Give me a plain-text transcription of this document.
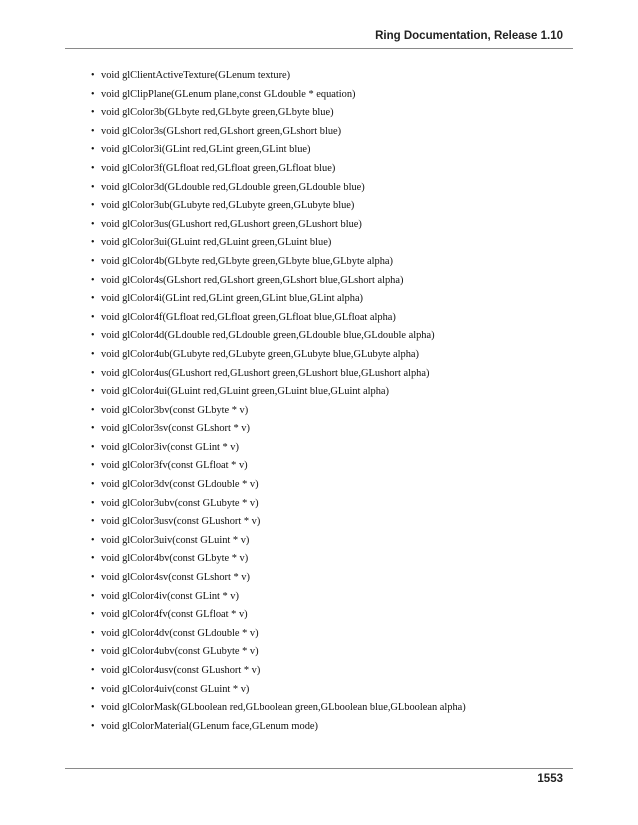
Ring Documentation, Release 1.10
• void glClientActiveTexture(GLenum texture)
• void glClipPlane(GLenum plane,const GLdouble * equation)
• void glColor3b(GLbyte red,GLbyte green,GLbyte blue)
• void glColor3s(GLshort red,GLshort green,GLshort blue)
• void glColor3i(GLint red,GLint green,GLint blue)
• void glColor3f(GLfloat red,GLfloat green,GLfloat blue)
• void glColor3d(GLdouble red,GLdouble green,GLdouble blue)
• void glColor3ub(GLubyte red,GLubyte green,GLubyte blue)
• void glColor3us(GLushort red,GLushort green,GLushort blue)
• void glColor3ui(GLuint red,GLuint green,GLuint blue)
• void glColor4b(GLbyte red,GLbyte green,GLbyte blue,GLbyte alpha)
• void glColor4s(GLshort red,GLshort green,GLshort blue,GLshort alpha)
• void glColor4i(GLint red,GLint green,GLint blue,GLint alpha)
• void glColor4f(GLfloat red,GLfloat green,GLfloat blue,GLfloat alpha)
• void glColor4d(GLdouble red,GLdouble green,GLdouble blue,GLdouble alpha)
• void glColor4ub(GLubyte red,GLubyte green,GLubyte blue,GLubyte alpha)
• void glColor4us(GLushort red,GLushort green,GLushort blue,GLushort alpha)
• void glColor4ui(GLuint red,GLuint green,GLuint blue,GLuint alpha)
• void glColor3bv(const GLbyte * v)
• void glColor3sv(const GLshort * v)
• void glColor3iv(const GLint * v)
• void glColor3fv(const GLfloat * v)
• void glColor3dv(const GLdouble * v)
• void glColor3ubv(const GLubyte * v)
• void glColor3usv(const GLushort * v)
• void glColor3uiv(const GLuint * v)
• void glColor4bv(const GLbyte * v)
• void glColor4sv(const GLshort * v)
• void glColor4iv(const GLint * v)
• void glColor4fv(const GLfloat * v)
• void glColor4dv(const GLdouble * v)
• void glColor4ubv(const GLubyte * v)
• void glColor4usv(const GLushort * v)
• void glColor4uiv(const GLuint * v)
• void glColorMask(GLboolean red,GLboolean green,GLboolean blue,GLboolean alpha)
• void glColorMaterial(GLenum face,GLenum mode)
1553
